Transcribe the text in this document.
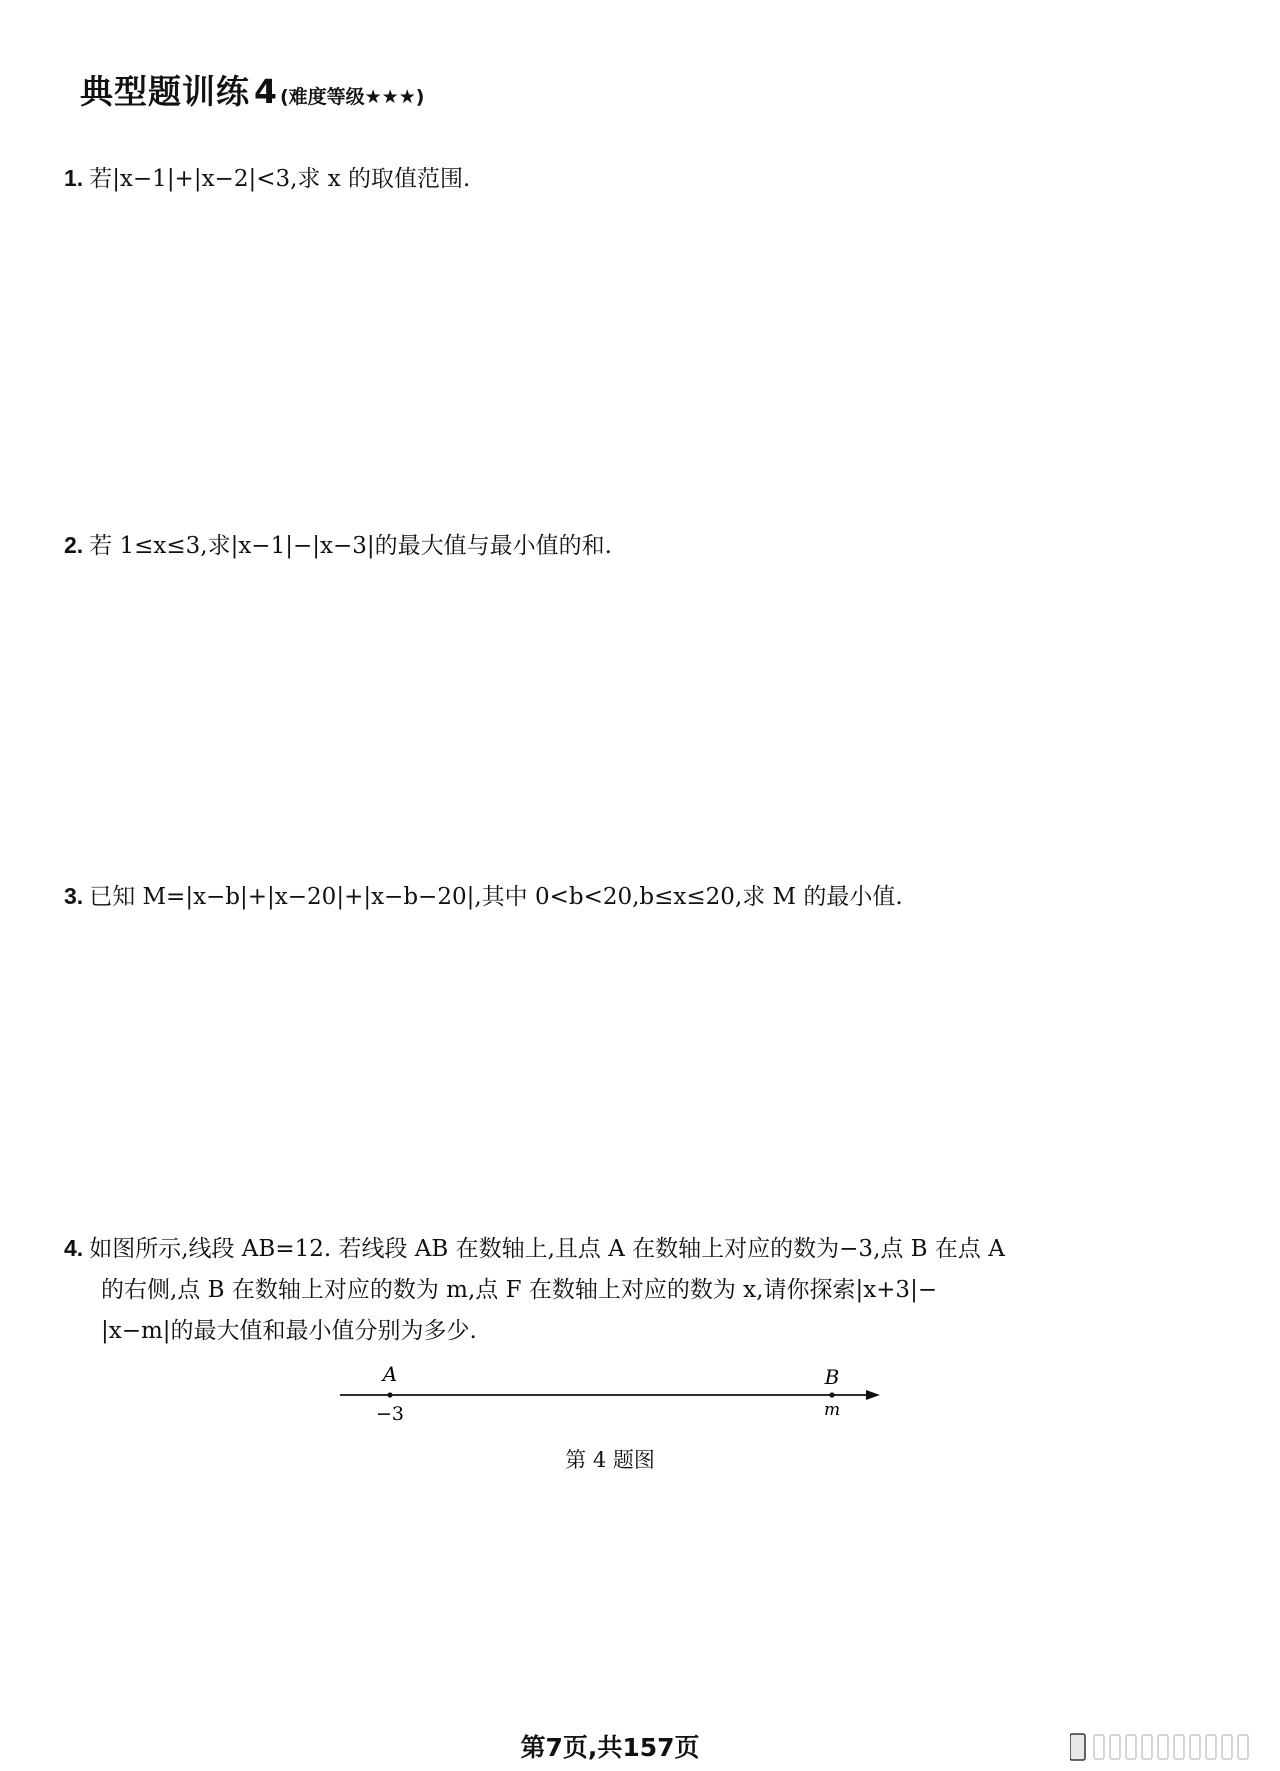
典型题训练 4 (难度等级★★★)
1. 若|x−1|+|x−2|<3,求 x 的取值范围.
2. 若 1≤x≤3,求|x−1|−|x−3|的最大值与最小值的和.
3. 已知 M=|x−b|+|x−20|+|x−b−20|,其中 0<b<20,b≤x≤20,求 M 的最小值.
4. 如图所示,线段 AB=12. 若线段 AB 在数轴上,且点 A 在数轴上对应的数为−3,点 B 在点 A
的右侧,点 B 在数轴上对应的数为 m,点 F 在数轴上对应的数为 x,请你探索|x+3|−
|x−m|的最大值和最小值分别为多少.
A
−3
B
m
第 4 题图
第7页,共157页
